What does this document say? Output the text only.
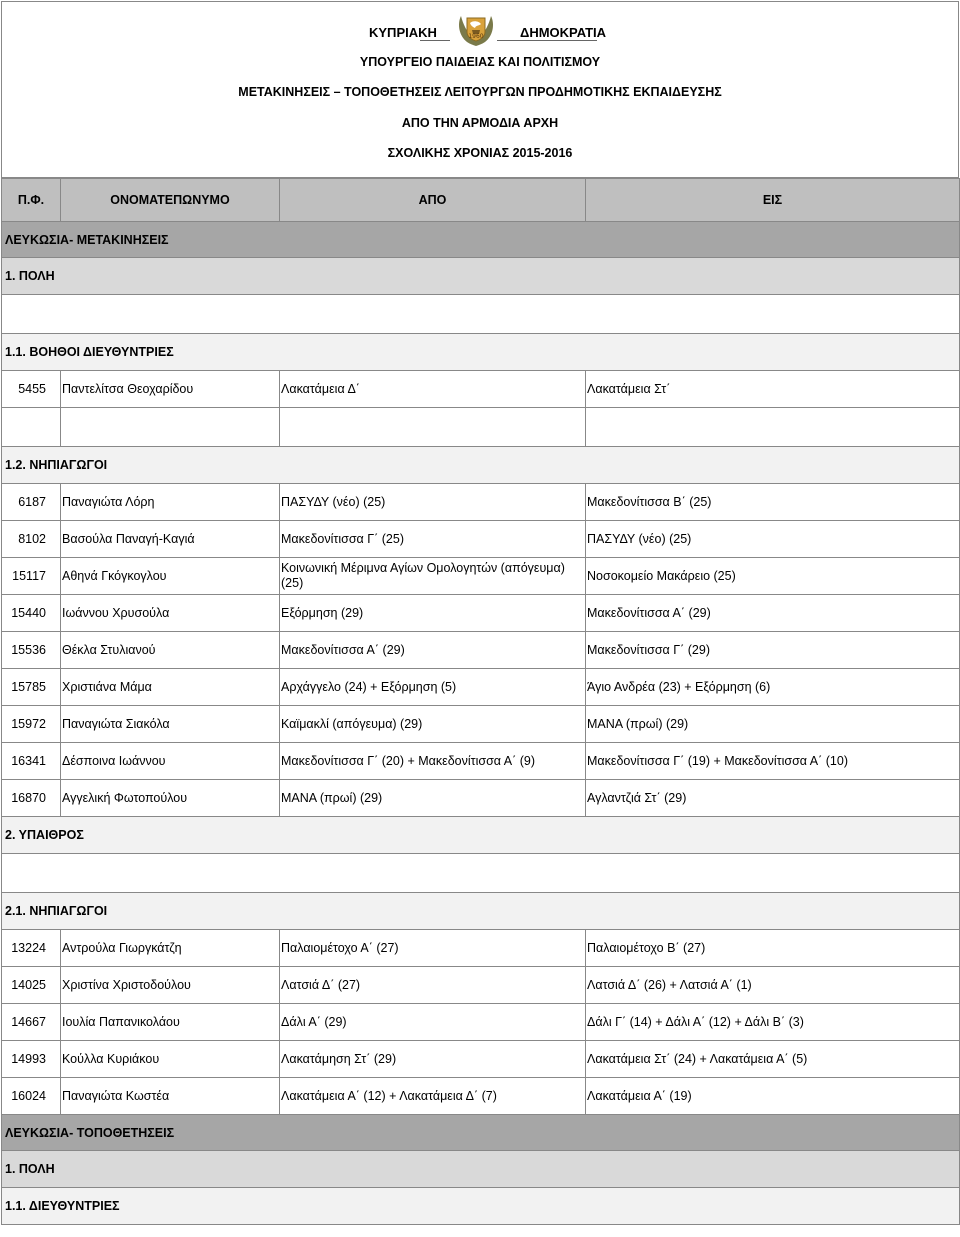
ΚΥΠΡΙΑΚΗ	1960	ΔΗΜΟΚΡΑΤΙΑ
ΥΠΟΥΡΓΕΙΟ ΠΑΙΔΕΙΑΣ ΚΑΙ ΠΟΛΙΤΙΣΜΟΥ
ΜΕΤΑΚΙΝΗΣΕΙΣ – ΤΟΠΟΘΕΤΗΣΕΙΣ ΛΕΙΤΟΥΡΓΩΝ ΠΡΟΔΗΜΟΤΙΚΗΣ ΕΚΠΑΙΔΕΥΣΗΣ
ΑΠΟ ΤΗΝ ΑΡΜΟΔΙΑ ΑΡΧΗ
ΣΧΟΛΙΚΗΣ ΧΡΟΝΙΑΣ 2015-2016
Π.Φ.	ΟΝΟΜΑΤΕΠΩΝΥΜΟ	ΑΠΟ	ΕΙΣ
ΛΕΥΚΩΣΙΑ- ΜΕΤΑΚΙΝΗΣΕΙΣ			
1. ΠΟΛΗ			

1.1. ΒΟΗΘΟΙ ΔΙΕΥΘΥΝΤΡΙΕΣ			
5455	Παντελίτσα Θεοχαρίδου	Λακατάμεια Δ΄	Λακατάμεια Στ΄

1.2. ΝΗΠΙΑΓΩΓΟΙ			
6187	Παναγιώτα Λόρη	ΠΑΣΥΔΥ (νέο) (25)	Μακεδονίτισσα Β΄ (25)
8102	Βασούλα Παναγή-Καγιά	Μακεδονίτισσα Γ΄ (25)	ΠΑΣΥΔΥ (νέο) (25)
15117	Αθηνά Γκόγκογλου	Κοινωνική Μέριμνα Αγίων Ομολογητών (απόγευμα) (25)	Νοσοκομείο Μακάρειο (25)
15440	Ιωάννου Χρυσούλα	Εξόρμηση (29)	Μακεδονίτισσα Α΄ (29)
15536	Θέκλα Στυλιανού	Μακεδονίτισσα Α΄ (29)	Μακεδονίτισσα Γ΄ (29)
15785	Χριστιάνα Μάμα	Αρχάγγελο (24) + Εξόρμηση (5)	Άγιο Ανδρέα (23) + Εξόρμηση (6)
15972	Παναγιώτα Σιακόλα	Καϊμακλί (απόγευμα) (29)	ΜΑΝΑ (πρωί) (29)
16341	Δέσποινα Ιωάννου	Μακεδονίτισσα Γ΄ (20) + Μακεδονίτισσα Α΄ (9)	Μακεδονίτισσα Γ΄ (19) + Μακεδονίτισσα Α΄ (10)
16870	Αγγελική Φωτοπούλου	ΜΑΝΑ (πρωί) (29)	Αγλαντζιά Στ΄ (29)
2. ΥΠΑΙΘΡΟΣ			

2.1. ΝΗΠΙΑΓΩΓΟΙ			
13224	Αντρούλα Γιωργκάτζη	Παλαιομέτοχο Α΄ (27)	Παλαιομέτοχο Β΄ (27)
14025	Χριστίνα Χριστοδούλου	Λατσιά Δ΄ (27)	Λατσιά Δ΄ (26) + Λατσιά Α΄ (1)
14667	Ιουλία Παπανικολάου	Δάλι Α΄ (29)	Δάλι Γ΄ (14) + Δάλι Α΄ (12) + Δάλι Β΄ (3)
14993	Κούλλα Κυριάκου	Λακατάμηση Στ΄ (29)	Λακατάμεια Στ΄ (24) + Λακατάμεια Α΄ (5)
16024	Παναγιώτα Κωστέα	Λακατάμεια Α΄ (12) + Λακατάμεια Δ΄ (7)	Λακατάμεια Α΄ (19)
ΛΕΥΚΩΣΙΑ- ΤΟΠΟΘΕΤΗΣΕΙΣ			
1. ΠΟΛΗ			
1.1. ΔΙΕΥΘΥΝΤΡΙΕΣ			
